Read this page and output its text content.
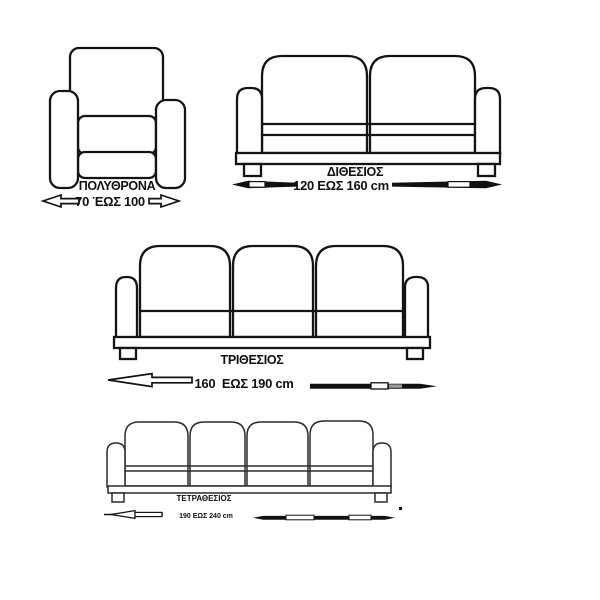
ΠΟΛΥΘΡΟΝΑ
70 ΈΩΣ 100
ΔΙΘΕΣΙΟΣ
120 ΕΩΣ 160 cm
ΤΡΙΘΕΣΙΟΣ
160  ΕΩΣ 190 cm
ΤΕΤΡΑΘΕΣΙΟΣ
190 ΕΩΣ 240 cm
